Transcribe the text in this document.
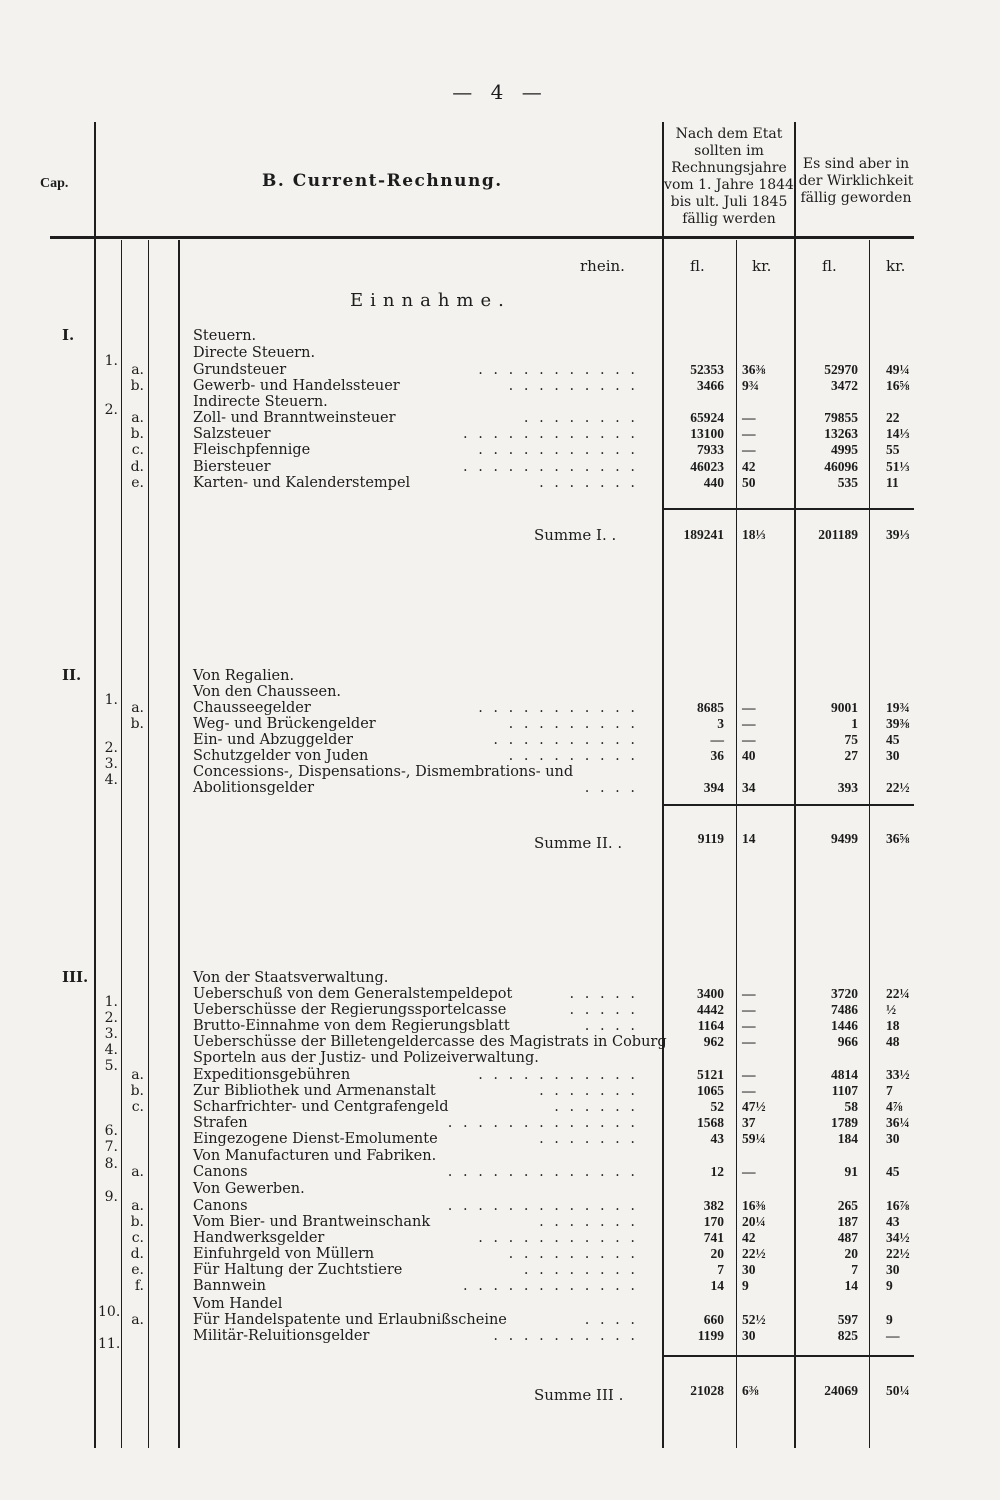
— 4 —
Cap.	B. Current-Rechnung.
Nach dem Etat sollten im Rechnungsjahre vom 1. Jahre 1844 bis ult. Juli 1845 fällig werden
Es sind aber in der Wirklichkeit fällig geworden
rhein.	fl.	kr.	fl.	kr.
Einnahme.
I.	Steuern.
1.	Directe Steuern.
a.	Grundsteuer	. . . . . . . . . . .	52353 36⅜	52970 49¼
b.	Gewerb- und Handelssteuer	. . . . . . . . .	3466 9¾	3472 16⅝
2.	Indirecte Steuern.
a.	Zoll- und Branntweinsteuer	. . . . . . . .	65924 —	79855 22
b.	Salzsteuer	. . . . . . . . . . . .	13100 —	13263 14⅓
c.	Fleischpfennige	. . . . . . . . . . .	7933 —	4995 55
d.	Biersteuer	. . . . . . . . . . . .	46023 42	46096 51⅓
e.	Karten- und Kalenderstempel	. . . . . . .	440 50	535 11
II.	Von Regalien.
1.	Von den Chausseen.
a.	Chausseegelder	. . . . . . . . . . .	8685 —	9001 19¾
b.	Weg- und Brückengelder	. . . . . . . . .	3 —	1 39⅜
2.	Ein- und Abzuggelder	. . . . . . . . . .	— —	75 45
3.	Schutzgelder von Juden	. . . . . . . . .	36 40	27 30
4.	Concessions-, Dispensations-, Dismembrations- und Abolitionsgelder	. . . .	394 34	393 22½
III.	Von der Staatsverwaltung.
1.	Ueberschuß von dem Generalstempeldepot	. . . . .	3400 —	3720 22¼
2.	Ueberschüsse der Regierungssportelcasse	. . . . .	4442 —	7486 ½
3.	Brutto-Einnahme von dem Regierungsblatt	. . . .	1164 —	1446 18
4.	Ueberschüsse der Billetengeldercasse des Magistrats in Coburg	962 —	966 48
5.	Sporteln aus der Justiz- und Polizeiverwaltung.
a.	Expeditionsgebühren	. . . . . . . . . . .	5121 —	4814 33½
b.	Zur Bibliothek und Armenanstalt	. . . . . . .	1065 —	1107 7
c.	Scharfrichter- und Centgrafengeld	. . . . . .	52 47½	58 4⅞
6.	Strafen	. . . . . . . . . . . . .	1568 37	1789 36¼
7.	Eingezogene Dienst-Emolumente	. . . . . . .	43 59¼	184 30
8.	Von Manufacturen und Fabriken.
a.	Canons	. . . . . . . . . . . . .	12 —	91 45
9.	Von Gewerben.
a.	Canons	. . . . . . . . . . . . .	382 16⅜	265 16⅞
b.	Vom Bier- und Brantweinschank	. . . . . . .	170 20¼	187 43
c.	Handwerksgelder	. . . . . . . . . . .	741 42	487 34½
d.	Einfuhrgeld von Müllern	. . . . . . . . .	20 22½	20 22½
e.	Für Haltung der Zuchtstiere	. . . . . . . .	7 30	7 30
f.	Bannwein	. . . . . . . . . . . .	14 9	14 9
10.	Vom Handel
a.	Für Handelspatente und Erlaubnißscheine	. . . .	660 52½	597 9
11.	Militär-Reluitionsgelder	. . . . . . . . . .	1199 30	825 —
Summe I. .	189241 18⅓	201189 39⅓
Summe II. .	9119 14	9499 36⅝
Summe III .	21028 6⅜	24069 50¼
